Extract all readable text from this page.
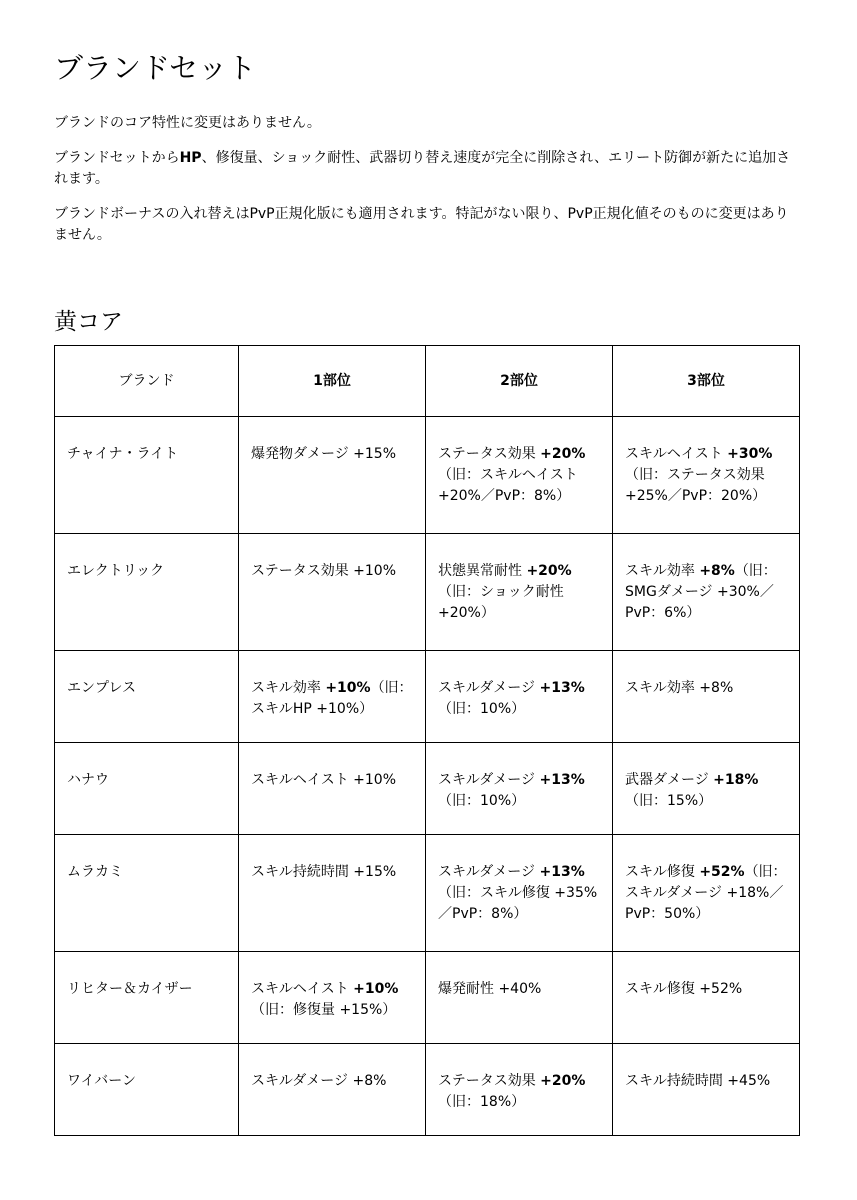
ブランドセット

ブランドのコア特性に変更はありません。

ブランドセットからHP、修復量、ショック耐性、武器切り替え速度が完全に削除され、エリート防御が新たに追加されます。

ブランドボーナスの入れ替えはPvP正規化版にも適用されます。特記がない限り、PvP正規化値そのものに変更はありません。

黄コア
ブランド	1部位	2部位	3部位
チャイナ・ライト	爆発物ダメージ +15%	ステータス効果 +20%（旧：スキルヘイスト +20%／PvP：8%）	スキルヘイスト +30%（旧：ステータス効果 +25%／PvP：20%）
エレクトリック	ステータス効果 +10%	状態異常耐性 +20%（旧：ショック耐性 +20%）	スキル効率 +8%（旧：SMGダメージ +30%／PvP：6%）
エンプレス	スキル効率 +10%（旧：スキルHP +10%）	スキルダメージ +13%（旧：10%）	スキル効率 +8%
ハナウ	スキルヘイスト +10%	スキルダメージ +13%（旧：10%）	武器ダメージ +18%（旧：15%）
ムラカミ	スキル持続時間 +15%	スキルダメージ +13%（旧：スキル修復 +35%／PvP：8%）	スキル修復 +52%（旧：スキルダメージ +18%／PvP：50%）
リヒター＆カイザー	スキルヘイスト +10%（旧：修復量 +15%）	爆発耐性 +40%	スキル修復 +52%
ワイバーン	スキルダメージ +8%	ステータス効果 +20%（旧：18%）	スキル持続時間 +45%
